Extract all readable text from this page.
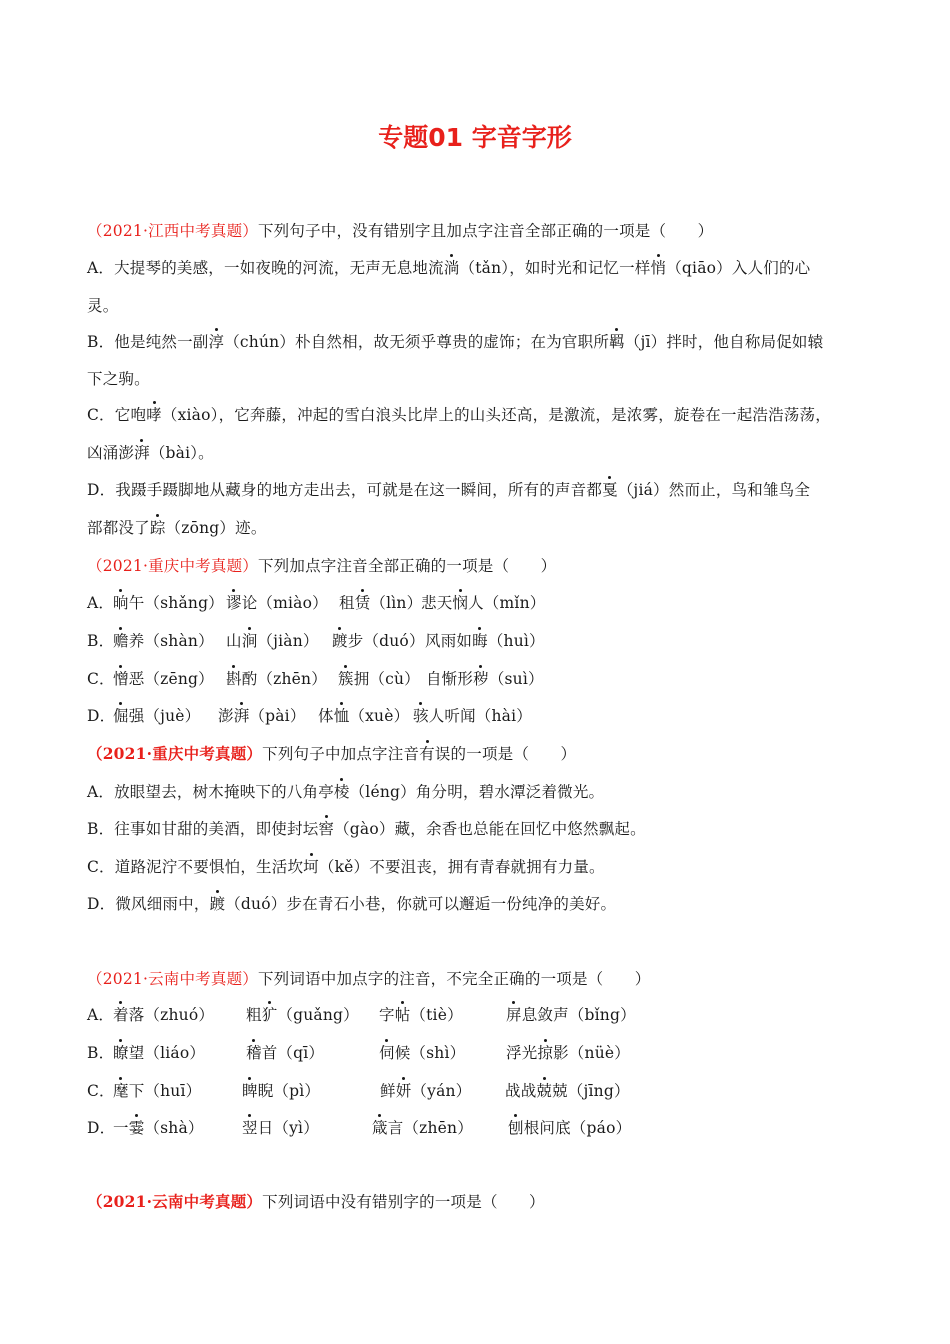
专题01 字音字形
（2021·江西中考真题）下列句子中，没有错别字且加点字注音全部正确的一项是（　　）
A．大提琴的美感，一如夜晚的河流，无声无息地流淌（tǎn），如时光和记忆一样悄（qiāo）入人们的心
灵。
B．他是纯然一副淳（chún）朴自然相，故无须乎尊贵的虚饰；在为官职所羁（jī）拌时，他自称局促如辕
下之驹。
C．它咆哮（xiào），它奔藤，冲起的雪白浪头比岸上的山头还高，是激流，是浓雾，旋卷在一起浩浩荡荡，
凶涌澎湃（bài）。
D．我蹑手蹑脚地从藏身的地方走出去，可就是在这一瞬间，所有的声音都戛（jiá）然而止，鸟和雏鸟全
部都没了踪（zōng）迹。
（2021·重庆中考真题）下列加点字注音全部正确的一项是（　　）
A．晌午（shǎng） 谬论（miào） 租赁（lìn）悲天悯人（mǐn）
B．赡养（shàn） 山涧（jiàn） 踱步（duó）风雨如晦（huì）
C．憎恶（zēng） 斟酌（zhēn） 簇拥（cù） 自惭形秽（suì）
D．倔强（juè） 澎湃（pài） 体恤（xuè） 骇人听闻（hài）
（2021·重庆中考真题）下列句子中加点字注音有误的一项是（　　）
A．放眼望去，树木掩映下的八角亭棱（léng）角分明，碧水潭泛着微光。
B．往事如甘甜的美酒，即使封坛窖（gào）藏，余香也总能在回忆中悠然飘起。
C．道路泥泞不要惧怕，生活坎坷（kě）不要沮丧，拥有青春就拥有力量。
D．微风细雨中，踱（duó）步在青石小巷，你就可以邂逅一份纯净的美好。
（2021·云南中考真题）下列词语中加点字的注音，不完全正确的一项是（　　）
A．着落（zhuó） 粗犷（guǎng） 字帖（tiè）	屏息敛声（bǐng）
B．瞭望（liáo）	稽首（qī）	伺候（shì）	浮光掠影（nüè）
C．麾下（huī）	睥睨（pì）	鲜妍（yán） 战战兢兢（jīng）
D．一霎（shà） 翌日（yì）	箴言（zhēn） 刨根问底（páo）
（2021·云南中考真题）下列词语中没有错别字的一项是（　　）
